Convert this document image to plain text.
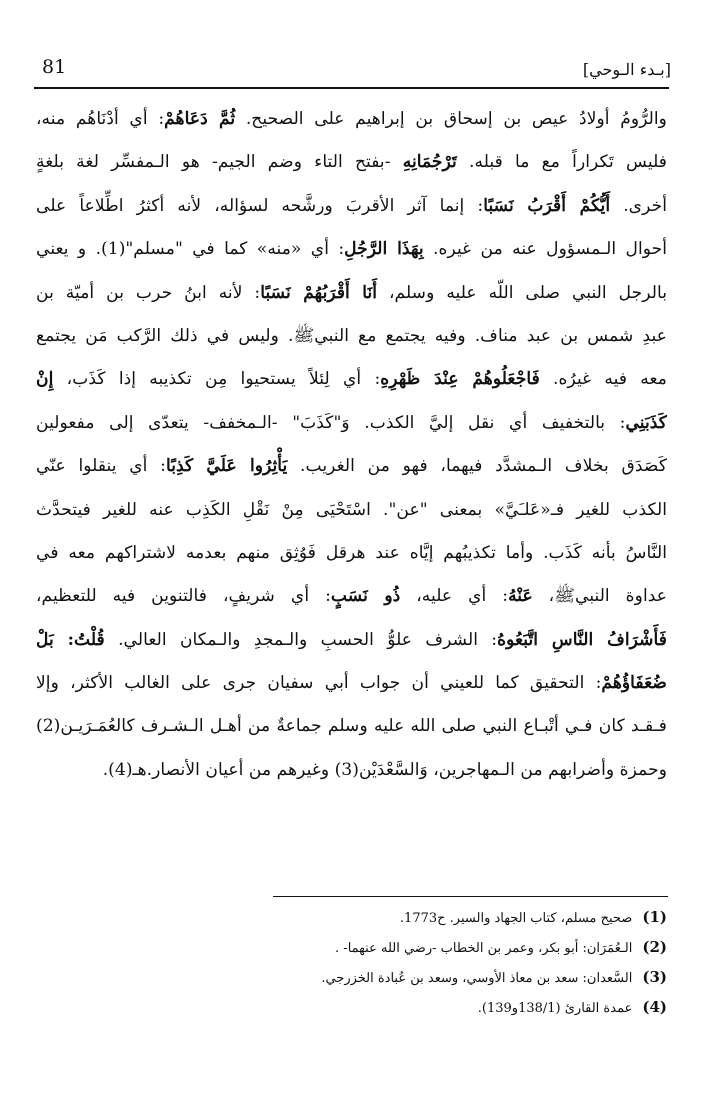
81	[بـدء الـوحي]
والرُّومُ أولادُ عيص بن إسحاق بن إبراهيم على الصحيح. ثُمَّ دَعَاهُمْ: أي أدْنَاهُم منه،
فليس تَكراراً مع ما قبله. تَرْجُمَانِهِ -بفتح التاء وضم الجيم- هو الـمفسِّر لغة بلغةٍ
أخرى. أَيُّكُمْ أَقْرَبُ نَسَبًا: إنما آثر الأقربَ ورشَّحه لسؤاله، لأنه أكثرُ اطِّلاعاً على
أحوال الـمسؤول عنه من غيره. بِهَذَا الرَّجُلِ: أي «منه» كما في "مسلم"(1). و يعني
بالرجل النبي صلى اللّه عليه وسلم، أَنَا أَقْرَبُهُمْ نَسَبًا: لأنه ابنُ حرب بن أميّة بن
عبدِ شمس بن عبد مناف. وفيه يجتمع مع النبيﷺ. وليس في ذلك الرَّكب مَن يجتمع
معه فيه غيرُه. فَاجْعَلُوهُمْ عِنْدَ ظَهْرِهِ: أي لِئلاً يستحيوا مِن تكذيبه إذا كَذَب، إِنْ
كَذَبَنِي: بالتخفيف أي نقل إليَّ الكذب. وَ"كَذَبَ" -الـمخفف- يتعدّى إلى مفعولين
كَصَدَق بخلاف الـمشدَّد فيهما، فهو من الغريب. يَأْثِرُوا عَلَيَّ كَذِبًا: أي ينقلوا عنّي
الكذب للغير فـ«عَلـَيَّ» بمعنى "عن". اسْتَحْيَى مِنْ نَقْلِ الكَذِب عنه للغير فيتحدَّث
النَّاسُ بأنه كَذَب. وأما تكذيبُهم إيَّاه عند هرقل فَوُثِق منهم بعدمه لاشتراكهم معه في
عداوة النبيﷺ، عَنْهُ: أي عليه، ذُو نَسَبٍ: أي شريفٍ، فالتنوين فيه للتعظيم،
فَأَشْرَافُ النَّاسِ اتَّبَعُوهُ: الشرف علوُّ الحسبِ والـمجدِ والـمكان العالي. قُلْتُ: بَلْ
ضُعَفَاؤُهُمْ: التحقيق كما للعيني أن جواب أبي سفيان جرى على الغالب الأكثر، وإلا
فـقـد كان فـي أتْبـاع النبي صلى الله عليه وسلم جماعةٌ من أهـل الـشـرف كالعُمَـرَيـن(2)
وحمزة وأضرابهم من الـمهاجرين، وَالسَّعْدَيْن(3) وغيرهم من أعيان الأنصار.هـ(4).
(1)صحيح مسلم، كتاب الجهاد والسير. ح1773.
(2)الـعُمَرَان: أبو بكر، وعمر بن الخطاب -رضي الله عنهما- .
(3)السَّعدان: سعد بن معاذ الأوسي، وسعد بن عُبادة الخزرجي.
(4)عمدة القارئ (138/1و139).
